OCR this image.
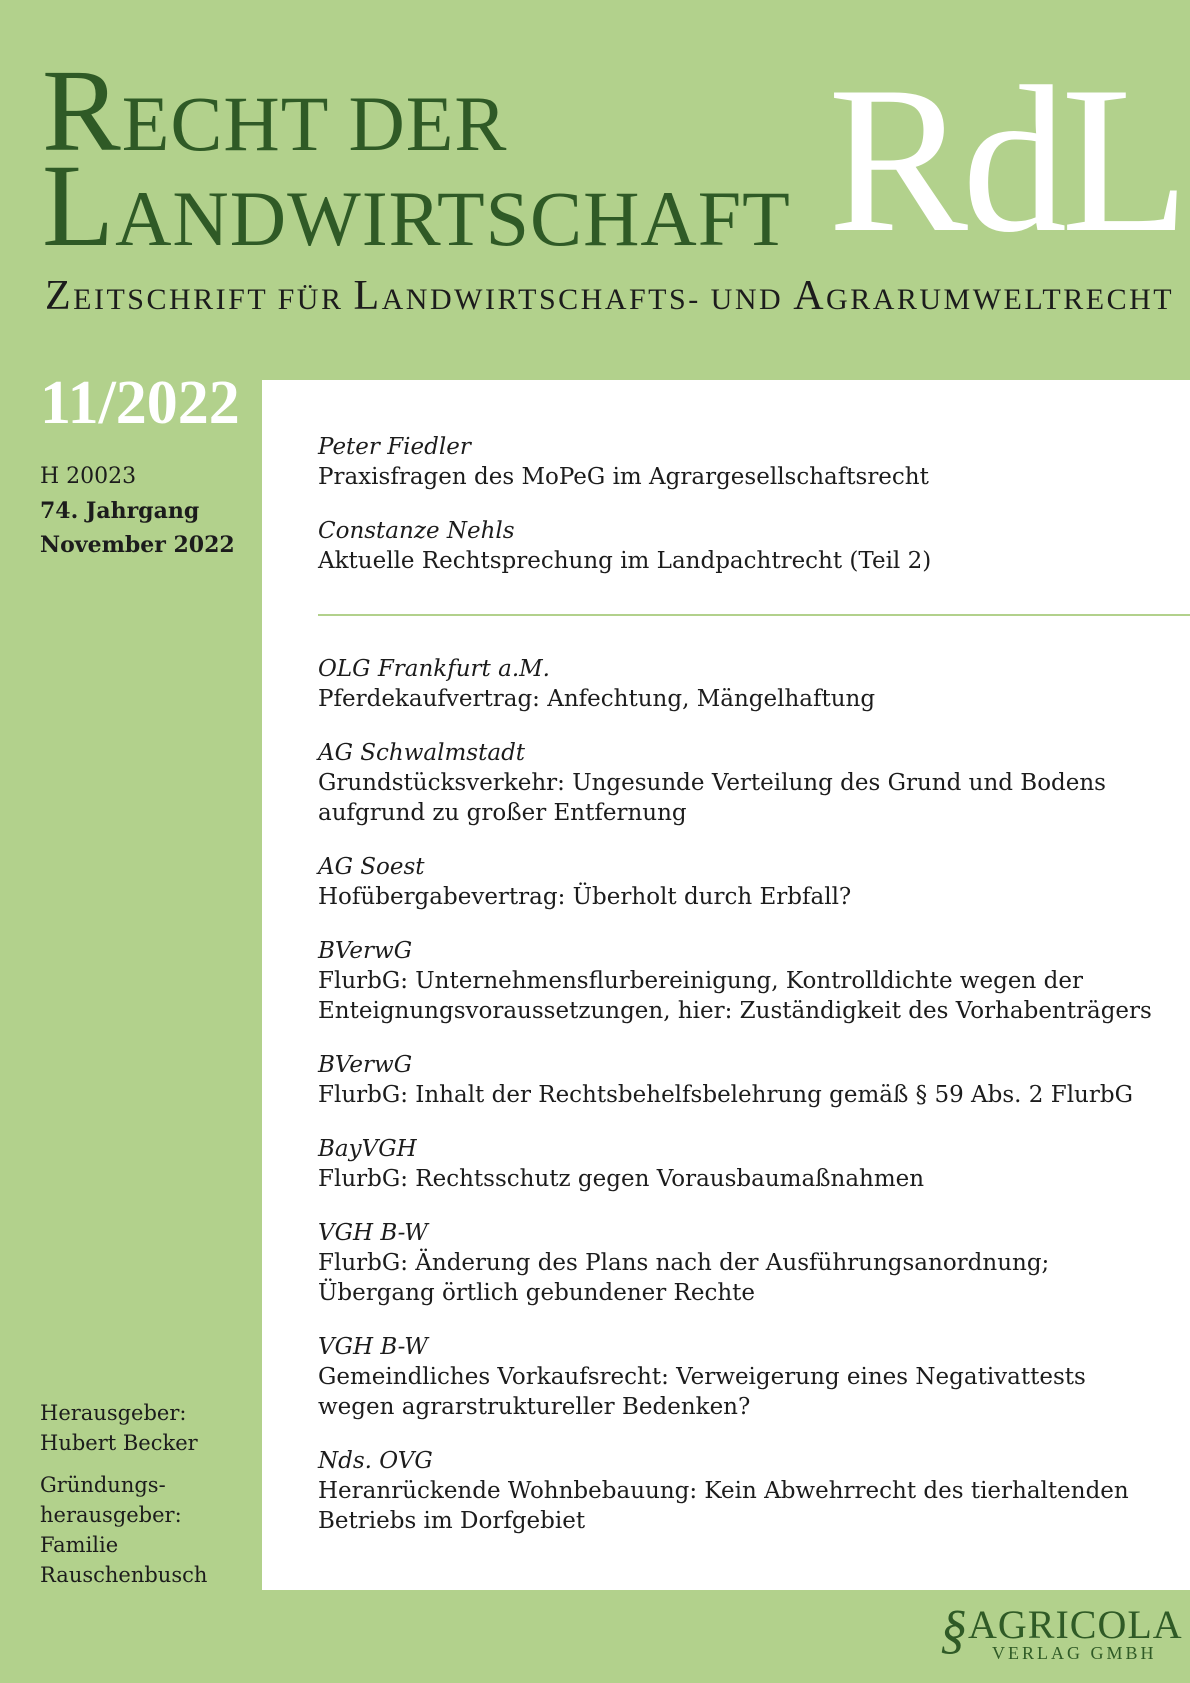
RECHT DER
LANDWIRTSCHAFT RdL
ZEITSCHRIFT FÜR LANDWIRTSCHAFTS- UND AGRARUMWELTRECHT
11/2022
H 20023
74. Jahrgang
November 2022
Herausgeber:
Hubert Becker
Gründungs-
herausgeber:
Familie
Rauschenbusch
Peter Fiedler
Praxisfragen des MoPeG im Agrargesellschaftsrecht
Constanze Nehls
Aktuelle Rechtsprechung im Landpachtrecht (Teil 2)
OLG Frankfurt a.M.
Pferdekaufvertrag: Anfechtung, Mängelhaftung
AG Schwalmstadt
Grundstücksverkehr: Ungesunde Verteilung des Grund und Bodens
aufgrund zu großer Entfernung
AG Soest
Hofübergabevertrag: Überholt durch Erbfall?
BVerwG
FlurbG: Unternehmensflurbereinigung, Kontrolldichte wegen der
Enteignungsvoraussetzungen, hier: Zuständigkeit des Vorhabenträgers
BVerwG
FlurbG: Inhalt der Rechtsbehelfsbelehrung gemäß § 59 Abs. 2 FlurbG
BayVGH
FlurbG: Rechtsschutz gegen Vorausbaumaßnahmen
VGH B-W
FlurbG: Änderung des Plans nach der Ausführungsanordnung;
Übergang örtlich gebundener Rechte
VGH B-W
Gemeindliches Vorkaufsrecht: Verweigerung eines Negativattests
wegen agrarstruktureller Bedenken?
Nds. OVG
Heranrückende Wohnbebauung: Kein Abwehrrecht des tierhaltenden
Betriebs im Dorfgebiet
§ AGRICOLA
VERLAG GMBH
